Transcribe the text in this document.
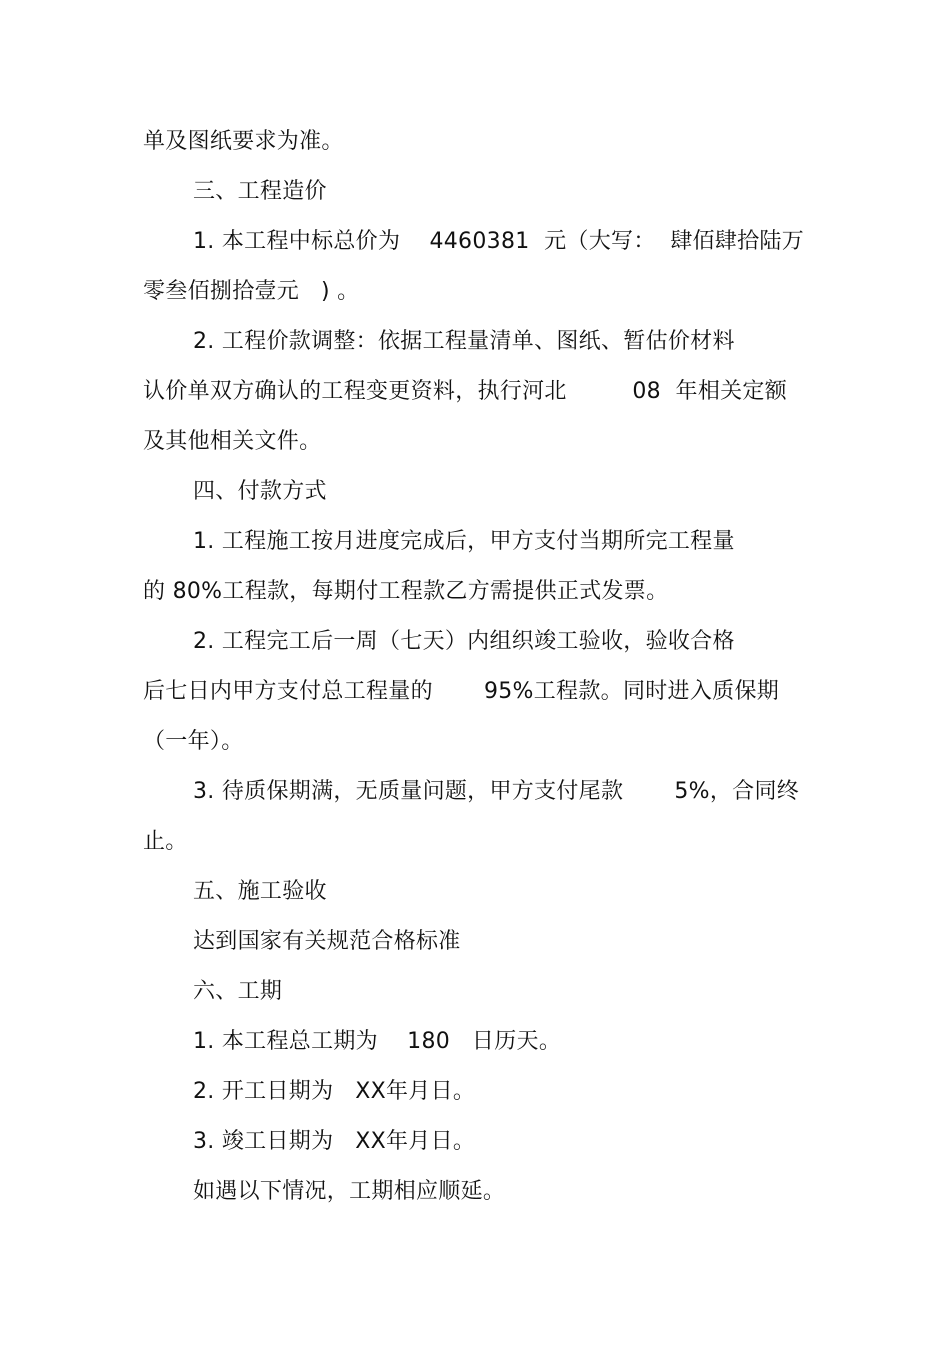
单及图纸要求为准。
三、工程造价
1. 本工程中标总价为    4460381  元（大写：  肆佰肆拾陆万
零叁佰捌拾壹元   ) 。
2. 工程价款调整：依据工程量清单、图纸、暂估价材料
认价单双方确认的工程变更资料，执行河北         08  年相关定额
及其他相关文件。
四、付款方式
1. 工程施工按月进度完成后，甲方支付当期所完工程量
的 80%工程款，每期付工程款乙方需提供正式发票。
2. 工程完工后一周（七天）内组织竣工验收，验收合格
后七日内甲方支付总工程量的       95%工程款。同时进入质保期
（一年）。
3. 待质保期满，无质量问题，甲方支付尾款       5%，合同终
止。
五、施工验收
达到国家有关规范合格标准
六、工期
1. 本工程总工期为    180   日历天。
2. 开工日期为   XX年月日。
3. 竣工日期为   XX年月日。
如遇以下情况，工期相应顺延。
